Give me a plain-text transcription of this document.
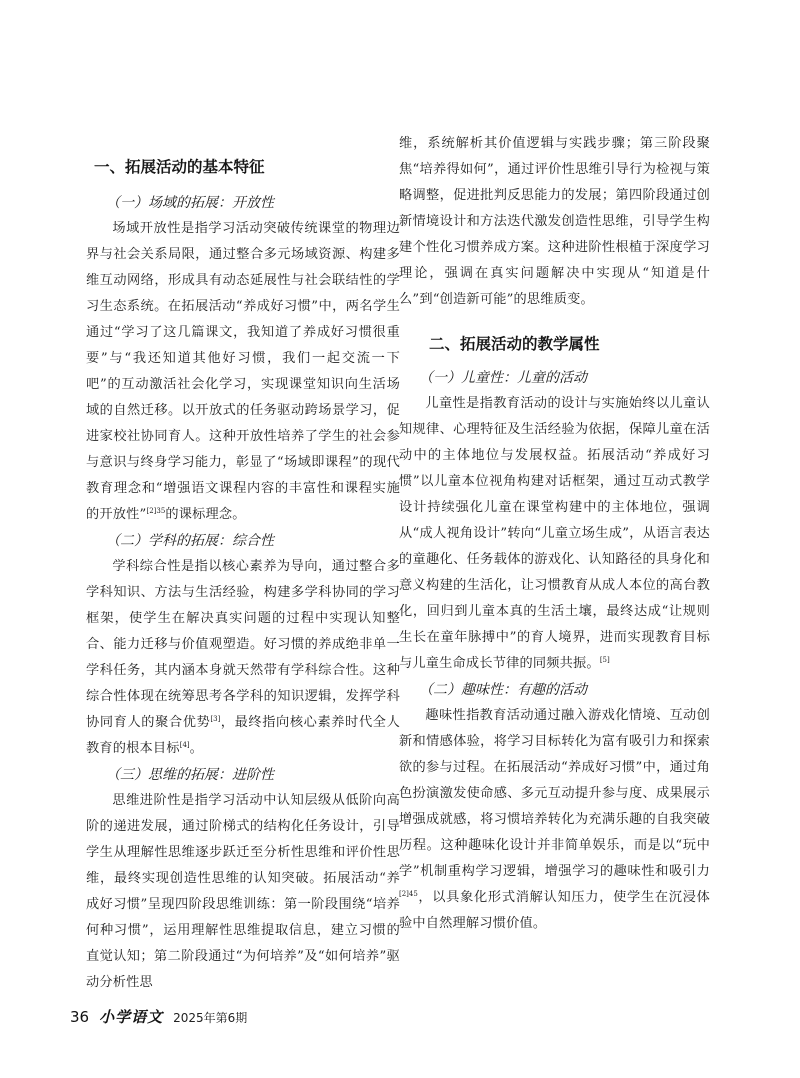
一、拓展活动的基本特征
（一）场域的拓展：开放性

场域开放性是指学习活动突破传统课堂的物理边界与社会关系局限，通过整合多元场域资源、构建多维互动网络，形成具有动态延展性与社会联结性的学习生态系统。在拓展活动“养成好习惯”中，两名学生通过“学习了这几篇课文，我知道了养成好习惯很重要”与“我还知道其他好习惯，我们一起交流一下吧”的互动激活社会化学习，实现课堂知识向生活场域的自然迁移。以开放式的任务驱动跨场景学习，促进家校社协同育人。这种开放性培养了学生的社会参与意识与终身学习能力，彰显了“场域即课程”的现代教育理念和“增强语文课程内容的丰富性和课程实施的开放性”$^{[2]35}$的课标理念。

（二）学科的拓展：综合性

学科综合性是指以核心素养为导向，通过整合多学科知识、方法与生活经验，构建多学科协同的学习框架，使学生在解决真实问题的过程中实现认知整合、能力迁移与价值观塑造。好习惯的养成绝非单一学科任务，其内涵本身就天然带有学科综合性。这种综合性体现在统筹思考各学科的知识逻辑，发挥学科协同育人的聚合优势[3]，最终指向核心素养时代全人教育的根本目标[4]。

（三）思维的拓展：进阶性

思维进阶性是指学习活动中认知层级从低阶向高阶的递进发展，通过阶梯式的结构化任务设计，引导学生从理解性思维逐步跃迁至分析性思维和评价性思维，最终实现创造性思维的认知突破。拓展活动“养成好习惯”呈现四阶段思维训练：第一阶段围绕“培养何种习惯”，运用理解性思维提取信息，建立习惯的直觉认知；第二阶段通过“为何培养”及“如何培养”驱动分析性思

维，系统解析其价值逻辑与实践步骤；第三阶段聚焦“培养得如何”，通过评价性思维引导行为检视与策略调整，促进批判反思能力的发展；第四阶段通过创新情境设计和方法迭代激发创造性思维，引导学生构建个性化习惯养成方案。这种进阶性根植于深度学习理论，强调在真实问题解决中实现从“知道是什么”到“创造新可能”的思维质变。

二、拓展活动的教学属性
（一）儿童性：儿童的活动

儿童性是指教育活动的设计与实施始终以儿童认知规律、心理特征及生活经验为依据，保障儿童在活动中的主体地位与发展权益。拓展活动“养成好习惯”以儿童本位视角构建对话框架，通过互动式教学设计持续强化儿童在课堂构建中的主体地位，强调从“成人视角设计”转向“儿童立场生成”，从语言表达的童趣化、任务载体的游戏化、认知路径的具身化和意义构建的生活化，让习惯教育从成人本位的高台教化，回归到儿童本真的生活土壤，最终达成“让规则生长在童年脉搏中”的育人境界，进而实现教育目标与儿童生命成长节律的同频共振。[5]

（二）趣味性：有趣的活动

趣味性指教育活动通过融入游戏化情境、互动创新和情感体验，将学习目标转化为富有吸引力和探索欲的参与过程。在拓展活动“养成好习惯”中，通过角色扮演激发使命感、多元互动提升参与度、成果展示增强成就感，将习惯培养转化为充满乐趣的自我突破历程。这种趣味化设计并非简单娱乐，而是以“玩中学”机制重构学习逻辑，增强学习的趣味性和吸引力$^{[2]45}$，以具象化形式消解认知压力，使学生在沉浸体验中自然理解习惯价值。

36 小学语文 2025年第6期
